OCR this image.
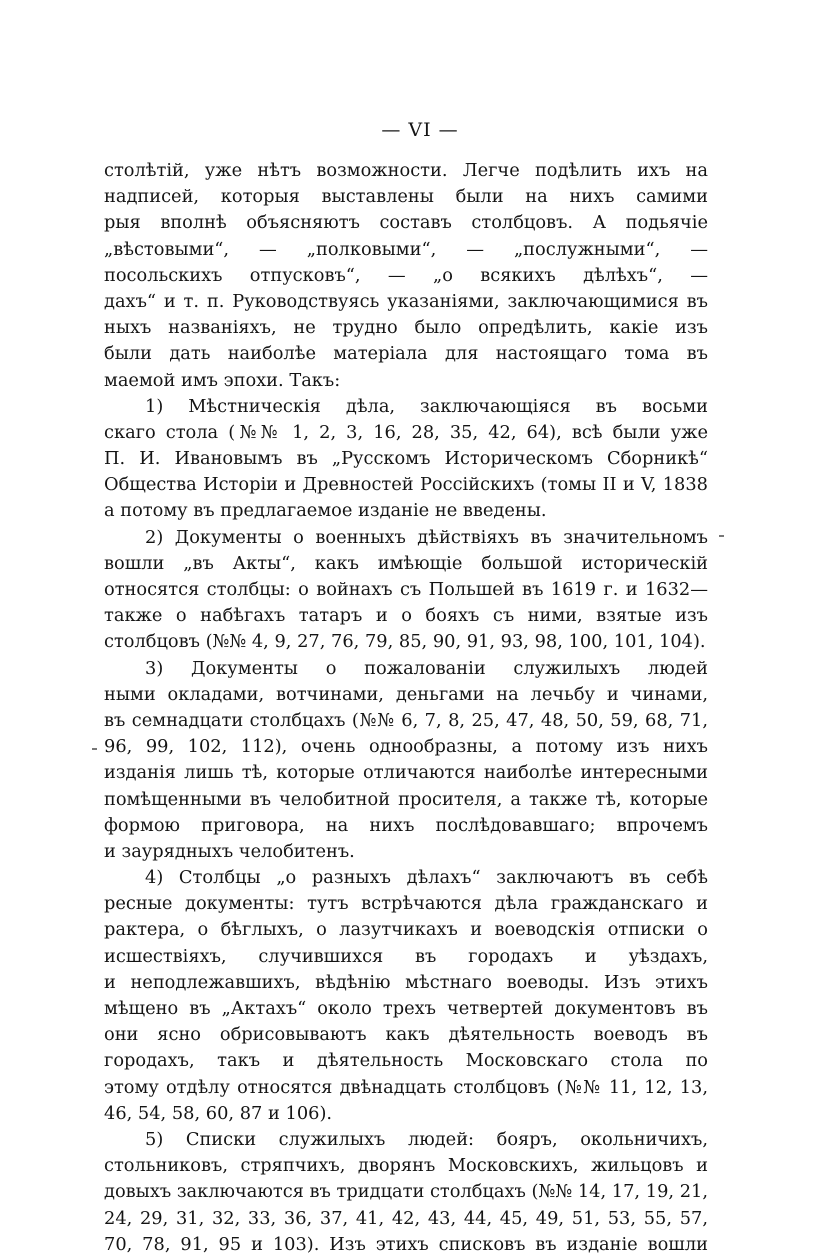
— VI —
столѣтій, уже нѣтъ возможности. Легче подѣлить ихъ на
надписей, которыя выставлены были на нихъ самими
рыя вполнѣ объясняютъ составъ столбцовъ. А подьячіе
„вѣстовыми“, — „полковыми“, — „послужными“, —
посольскихъ отпусковъ“, — „о всякихъ дѣлѣхъ“, —
дахъ“ и т. п. Руководствуясь указаніями, заключающимися въ
ныхъ названіяхъ, не трудно было опредѣлить, какіе изъ
были дать наиболѣе матеріала для настоящаго тома въ
маемой имъ эпохи. Такъ:
1) Мѣстническія дѣла, заключающіяся въ восьми
скаго стола (№№ 1, 2, 3, 16, 28, 35, 42, 64), всѣ были уже
П. И. Ивановымъ въ „Русскомъ Историческомъ Сборникѣ“
Общества Исторіи и Древностей Россійскихъ (томы II и V, 1838
а потому въ предлагаемое изданіе не введены.
2) Документы о военныхъ дѣйствіяхъ въ значительномъ
вошли „въ Акты“, какъ имѣющіе большой историческій
относятся столбцы: о войнахъ съ Польшей въ 1619 г. и 1632—
также о набѣгахъ татаръ и о бояхъ съ ними, взятые изъ
столбцовъ (№№ 4, 9, 27, 76, 79, 85, 90, 91, 93, 98, 100, 101, 104).
3) Документы о пожалованіи служилыхъ людей
ными окладами, вотчинами, деньгами на лечьбу и чинами,
въ семнадцати столбцахъ (№№ 6, 7, 8, 25, 47, 48, 50, 59, 68, 71,
96, 99, 102, 112), очень однообразны, а потому изъ нихъ
изданія лишь тѣ, которые отличаются наиболѣе интересными
помѣщенными въ челобитной просителя, а также тѣ, которые
формою приговора, на нихъ послѣдовавшаго; впрочемъ
и заурядныхъ челобитенъ.
4) Столбцы „о разныхъ дѣлахъ“ заключаютъ въ себѣ
ресные документы: тутъ встрѣчаются дѣла гражданскаго и
рактера, о бѣглыхъ, о лазутчикахъ и воеводскія отписки о
исшествіяхъ, случившихся въ городахъ и уѣздахъ,
и неподлежавшихъ, вѣдѣнію мѣстнаго воеводы. Изъ этихъ
мѣщено въ „Актахъ“ около трехъ четвертей документовъ въ
они ясно обрисовываютъ какъ дѣятельность воеводъ въ
городахъ, такъ и дѣятельность Московскаго стола по
этому отдѣлу относятся двѣнадцать столбцовъ (№№ 11, 12, 13,
46, 54, 58, 60, 87 и 106).
5) Списки служилыхъ людей: бояръ, окольничихъ,
стольниковъ, стряпчихъ, дворянъ Московскихъ, жильцовъ и
довыхъ заключаются въ тридцати столбцахъ (№№ 14, 17, 19, 21,
24, 29, 31, 32, 33, 36, 37, 41, 42, 43, 44, 45, 49, 51, 53, 55, 57,
70, 78, 91, 95 и 103). Изъ этихъ списковъ въ изданіе вошли
